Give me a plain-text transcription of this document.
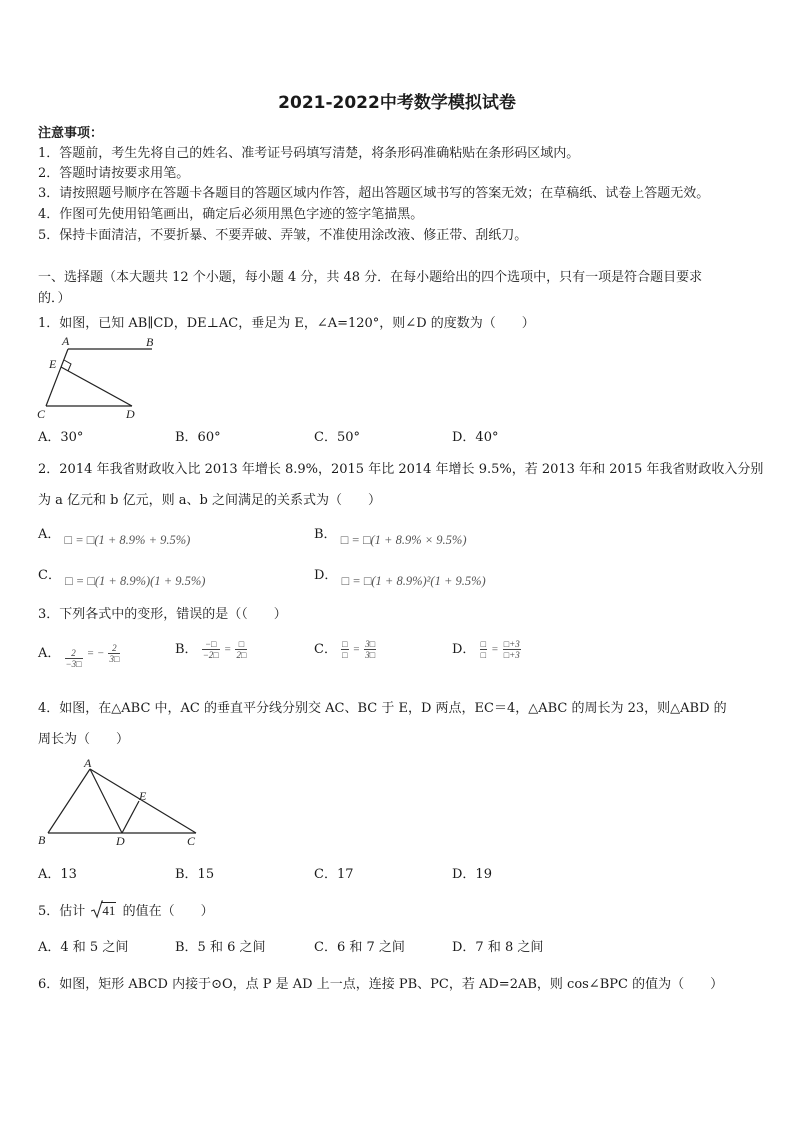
2021-2022中考数学模拟试卷
注意事项：
1．答题前，考生先将自己的姓名、准考证号码填写清楚，将条形码准确粘贴在条形码区域内。
2．答题时请按要求用笔。
3．请按照题号顺序在答题卡各题目的答题区域内作答，超出答题区域书写的答案无效；在草稿纸、试卷上答题无效。
4．作图可先使用铅笔画出，确定后必须用黑色字迹的签字笔描黑。
5．保持卡面清洁，不要折暴、不要弄破、弄皱，不准使用涂改液、修正带、刮纸刀。
一、选择题（本大题共 12 个小题，每小题 4 分，共 48 分．在每小题给出的四个选项中，只有一项是符合题目要求
的．）
1．如图，已知 AB∥CD，DE⊥AC，垂足为 E，∠A=120°，则∠D 的度数为（　　）
A	B
E
C	D
A．30°	B．60°	C．50°	D．40°
2．2014 年我省财政收入比 2013 年增长 8.9%，2015 年比 2014 年增长 9.5%，若 2013 年和 2015 年我省财政收入分别
为 a 亿元和 b 亿元，则 a、b 之间满足的关系式为（　　）
A． □ = □(1 + 8.9% + 9.5%)	B． □ = □(1 + 8.9% × 9.5%)
C． □ = □(1 + 8.9%)(1 + 9.5%)	D． □ = □(1 + 8.9%)²(1 + 9.5%)
3．下列各式中的变形，错误的是（（　　）
A． $\frac{2}{-3□}$ = − $\frac{2}{3□}$	B． $\frac{-□}{-2□} = \frac{□}{2□}$	C． $\frac{□}{□} = \frac{3□}{3□}$	D． $\frac{□}{□} = \frac{□+3}{□+3}$
4．如图，在△ABC 中，AC 的垂直平分线分别交 AC、BC 于 E，D 两点，EC＝4，△ABC 的周长为 23，则△ABD 的
周长为（　　）
A
E
B	D	C
A．13	B．15	C．17	D．19
5．估计 41 的值在（　　）
A．4 和 5 之间	B．5 和 6 之间	C．6 和 7 之间	D．7 和 8 之间
6．如图，矩形 ABCD 内接于⊙O，点 P 是 AD 上一点，连接 PB、PC，若 AD=2AB，则 cos∠BPC 的值为（　　）
